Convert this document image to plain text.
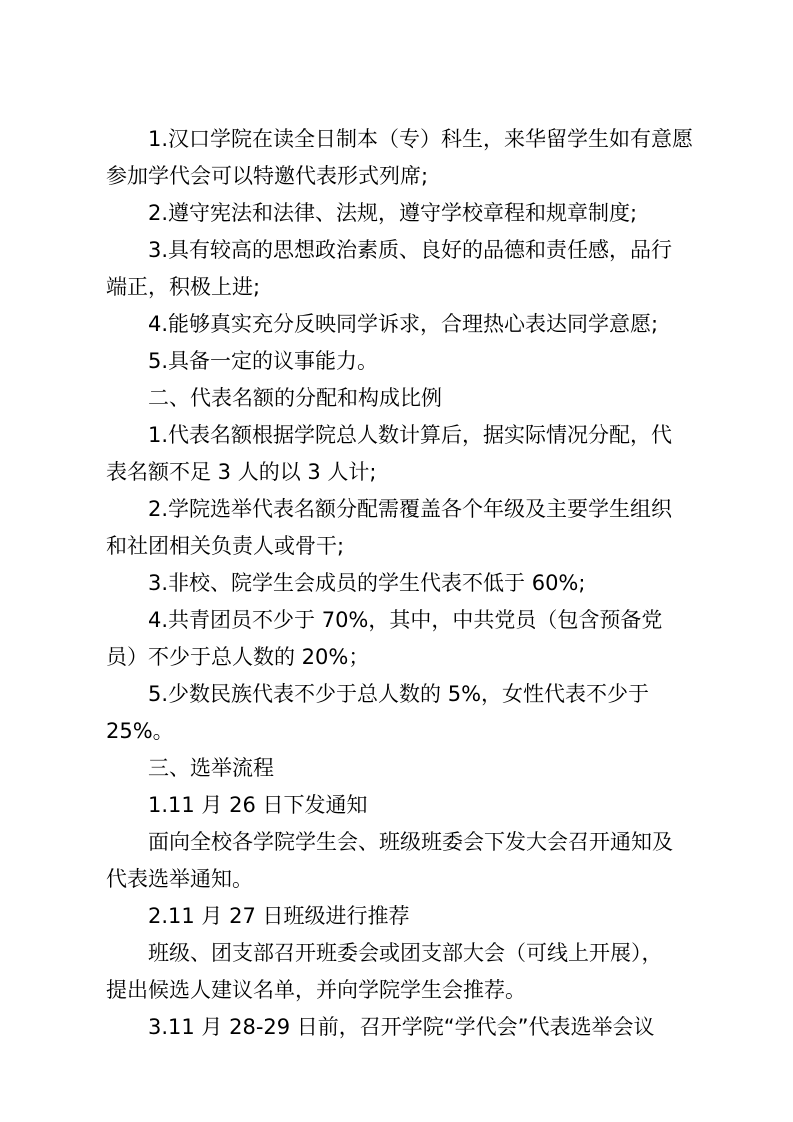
1.汉口学院在读全日制本（专）科生，来华留学生如有意愿
参加学代会可以特邀代表形式列席;
2.遵守宪法和法律、法规，遵守学校章程和规章制度;
3.具有较高的思想政治素质、良好的品德和责任感，品行
端正，积极上进;
4.能够真实充分反映同学诉求，合理热心表达同学意愿;
5.具备一定的议事能力。
二、代表名额的分配和构成比例
1.代表名额根据学院总人数计算后，据实际情况分配，代
表名额不足 3 人的以 3 人计;
2.学院选举代表名额分配需覆盖各个年级及主要学生组织
和社团相关负责人或骨干;
3.非校、院学生会成员的学生代表不低于 60%;
4.共青团员不少于 70%，其中，中共党员（包含预备党
员）不少于总人数的 20%；
5.少数民族代表不少于总人数的 5%，女性代表不少于
25%。
三、选举流程
1.11 月 26 日下发通知
面向全校各学院学生会、班级班委会下发大会召开通知及
代表选举通知。
2.11 月 27 日班级进行推荐
班级、团支部召开班委会或团支部大会（可线上开展），
提出候选人建议名单，并向学院学生会推荐。
3.11 月 28-29 日前，召开学院“学代会”代表选举会议
